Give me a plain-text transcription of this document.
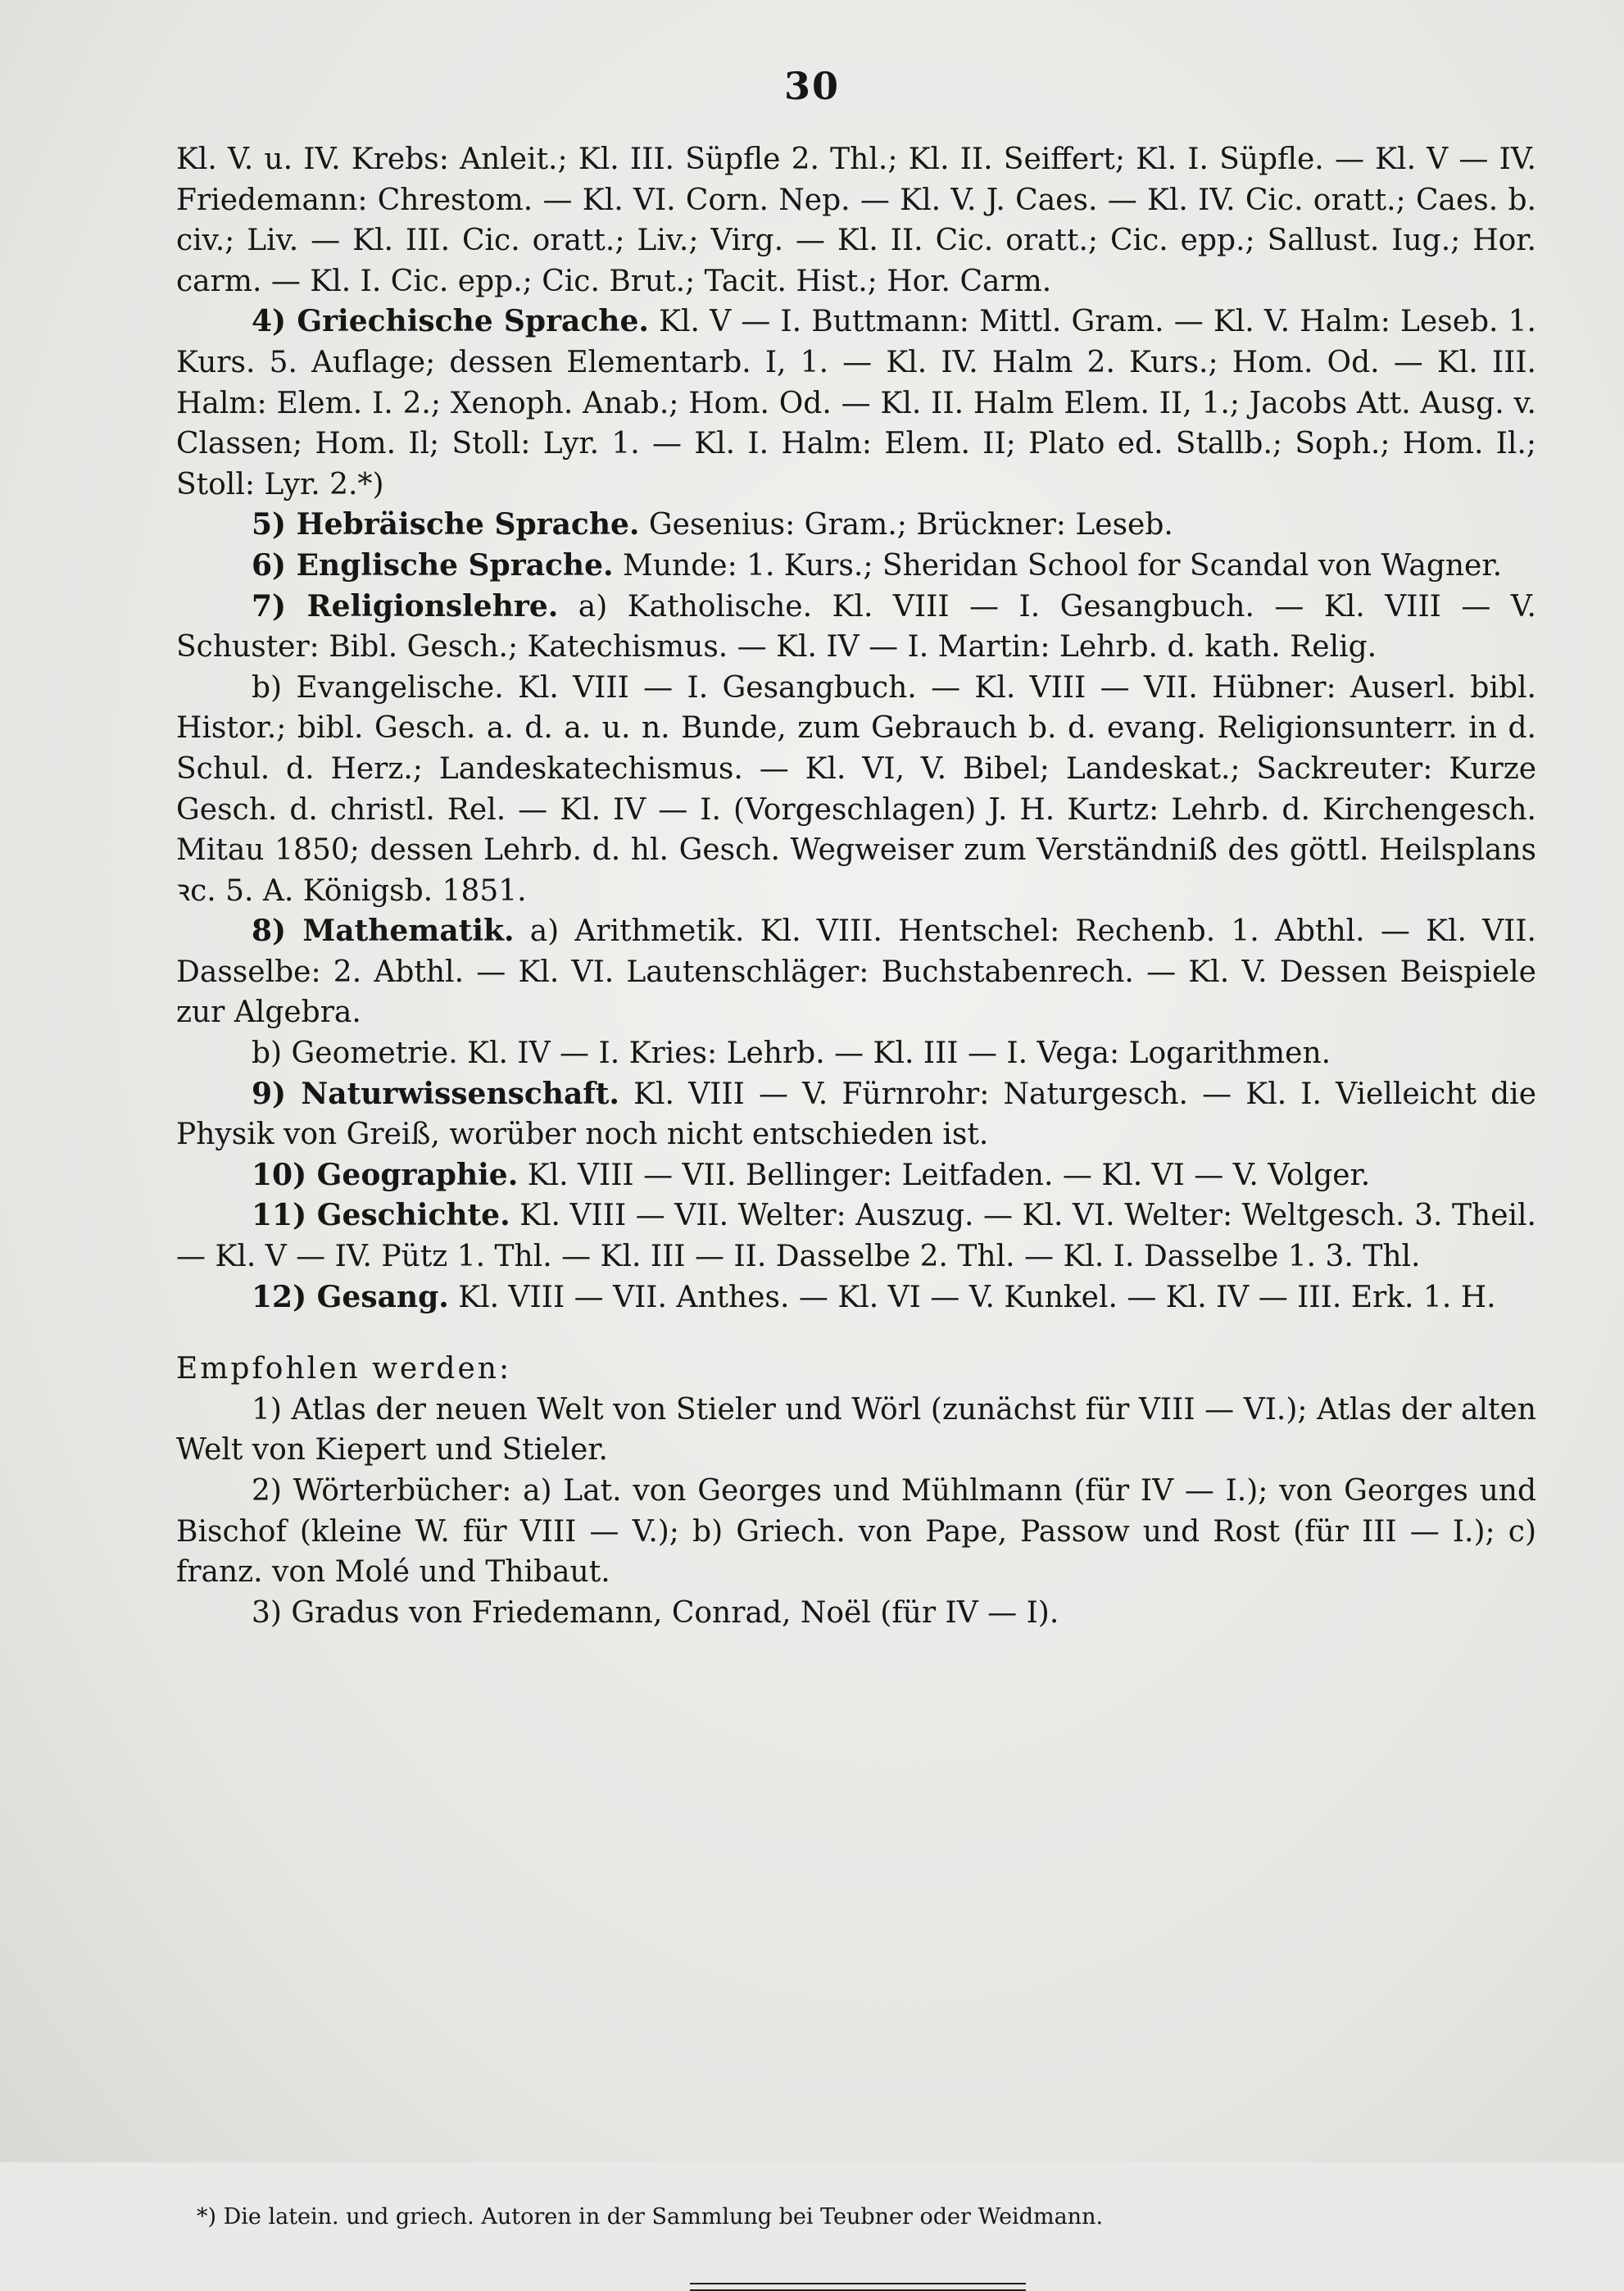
30

Kl. V. u. IV. Krebs: Anleit.; Kl. III. Süpfle 2. Thl.; Kl. II. Seiffert; Kl. I. Süpfle. — Kl. V — IV. Friedemann: Chrestom. — Kl. VI. Corn. Nep. — Kl. V. J. Caes. — Kl. IV. Cic. oratt.; Caes. b. civ.; Liv. — Kl. III. Cic. oratt.; Liv.; Virg. — Kl. II. Cic. oratt.; Cic. epp.; Sallust. Iug.; Hor. carm. — Kl. I. Cic. epp.; Cic. Brut.; Tacit. Hist.; Hor. Carm.

4) Griechische Sprache. Kl. V — I. Buttmann: Mittl. Gram. — Kl. V. Halm: Leseb. 1. Kurs. 5. Auflage; dessen Elementarb. I, 1. — Kl. IV. Halm 2. Kurs.; Hom. Od. — Kl. III. Halm: Elem. I. 2.; Xenoph. Anab.; Hom. Od. — Kl. II. Halm Elem. II, 1.; Jacobs Att. Ausg. v. Classen; Hom. Il; Stoll: Lyr. 1. — Kl. I. Halm: Elem. II; Plato ed. Stallb.; Soph.; Hom. Il.; Stoll: Lyr. 2.*)

5) Hebräische Sprache. Gesenius: Gram.; Brückner: Leseb.

6) Englische Sprache. Munde: 1. Kurs.; Sheridan School for Scandal von Wagner.

7) Religionslehre. a) Katholische. Kl. VIII — I. Gesangbuch. — Kl. VIII — V. Schuster: Bibl. Gesch.; Katechismus. — Kl. IV — I. Martin: Lehrb. d. kath. Relig.

b) Evangelische. Kl. VIII — I. Gesangbuch. — Kl. VIII — VII. Hübner: Auserl. bibl. Histor.; bibl. Gesch. a. d. a. u. n. Bunde, zum Gebrauch b. d. evang. Religionsunterr. in d. Schul. d. Herz.; Landeskatechismus. — Kl. VI, V. Bibel; Landeskat.; Sackreuter: Kurze Gesch. d. christl. Rel. — Kl. IV — I. (Vorgeschlagen) J. H. Kurtz: Lehrb. d. Kirchengesch. Mitau 1850; dessen Lehrb. d. hl. Gesch. Wegweiser zum Verständniß des göttl. Heilsplans ꝛc. 5. A. Königsb. 1851.

8) Mathematik. a) Arithmetik. Kl. VIII. Hentschel: Rechenb. 1. Abthl. — Kl. VII. Dasselbe: 2. Abthl. — Kl. VI. Lautenschläger: Buchstabenrech. — Kl. V. Dessen Beispiele zur Algebra.

b) Geometrie. Kl. IV — I. Kries: Lehrb. — Kl. III — I. Vega: Logarithmen.

9) Naturwissenschaft. Kl. VIII — V. Fürnrohr: Naturgesch. — Kl. I. Vielleicht die Physik von Greiß, worüber noch nicht entschieden ist.

10) Geographie. Kl. VIII — VII. Bellinger: Leitfaden. — Kl. VI — V. Volger.

11) Geschichte. Kl. VIII — VII. Welter: Auszug. — Kl. VI. Welter: Weltgesch. 3. Theil. — Kl. V — IV. Pütz 1. Thl. — Kl. III — II. Dasselbe 2. Thl. — Kl. I. Dasselbe 1. 3. Thl.

12) Gesang. Kl. VIII — VII. Anthes. — Kl. VI — V. Kunkel. — Kl. IV — III. Erk. 1. H.

Empfohlen werden:

1) Atlas der neuen Welt von Stieler und Wörl (zunächst für VIII — VI.); Atlas der alten Welt von Kiepert und Stieler.

2) Wörterbücher: a) Lat. von Georges und Mühlmann (für IV — I.); von Georges und Bischof (kleine W. für VIII — V.); b) Griech. von Pape, Passow und Rost (für III — I.); c) franz. von Molé und Thibaut.

3) Gradus von Friedemann, Conrad, Noël (für IV — I).

*) Die latein. und griech. Autoren in der Sammlung bei Teubner oder Weidmann.
